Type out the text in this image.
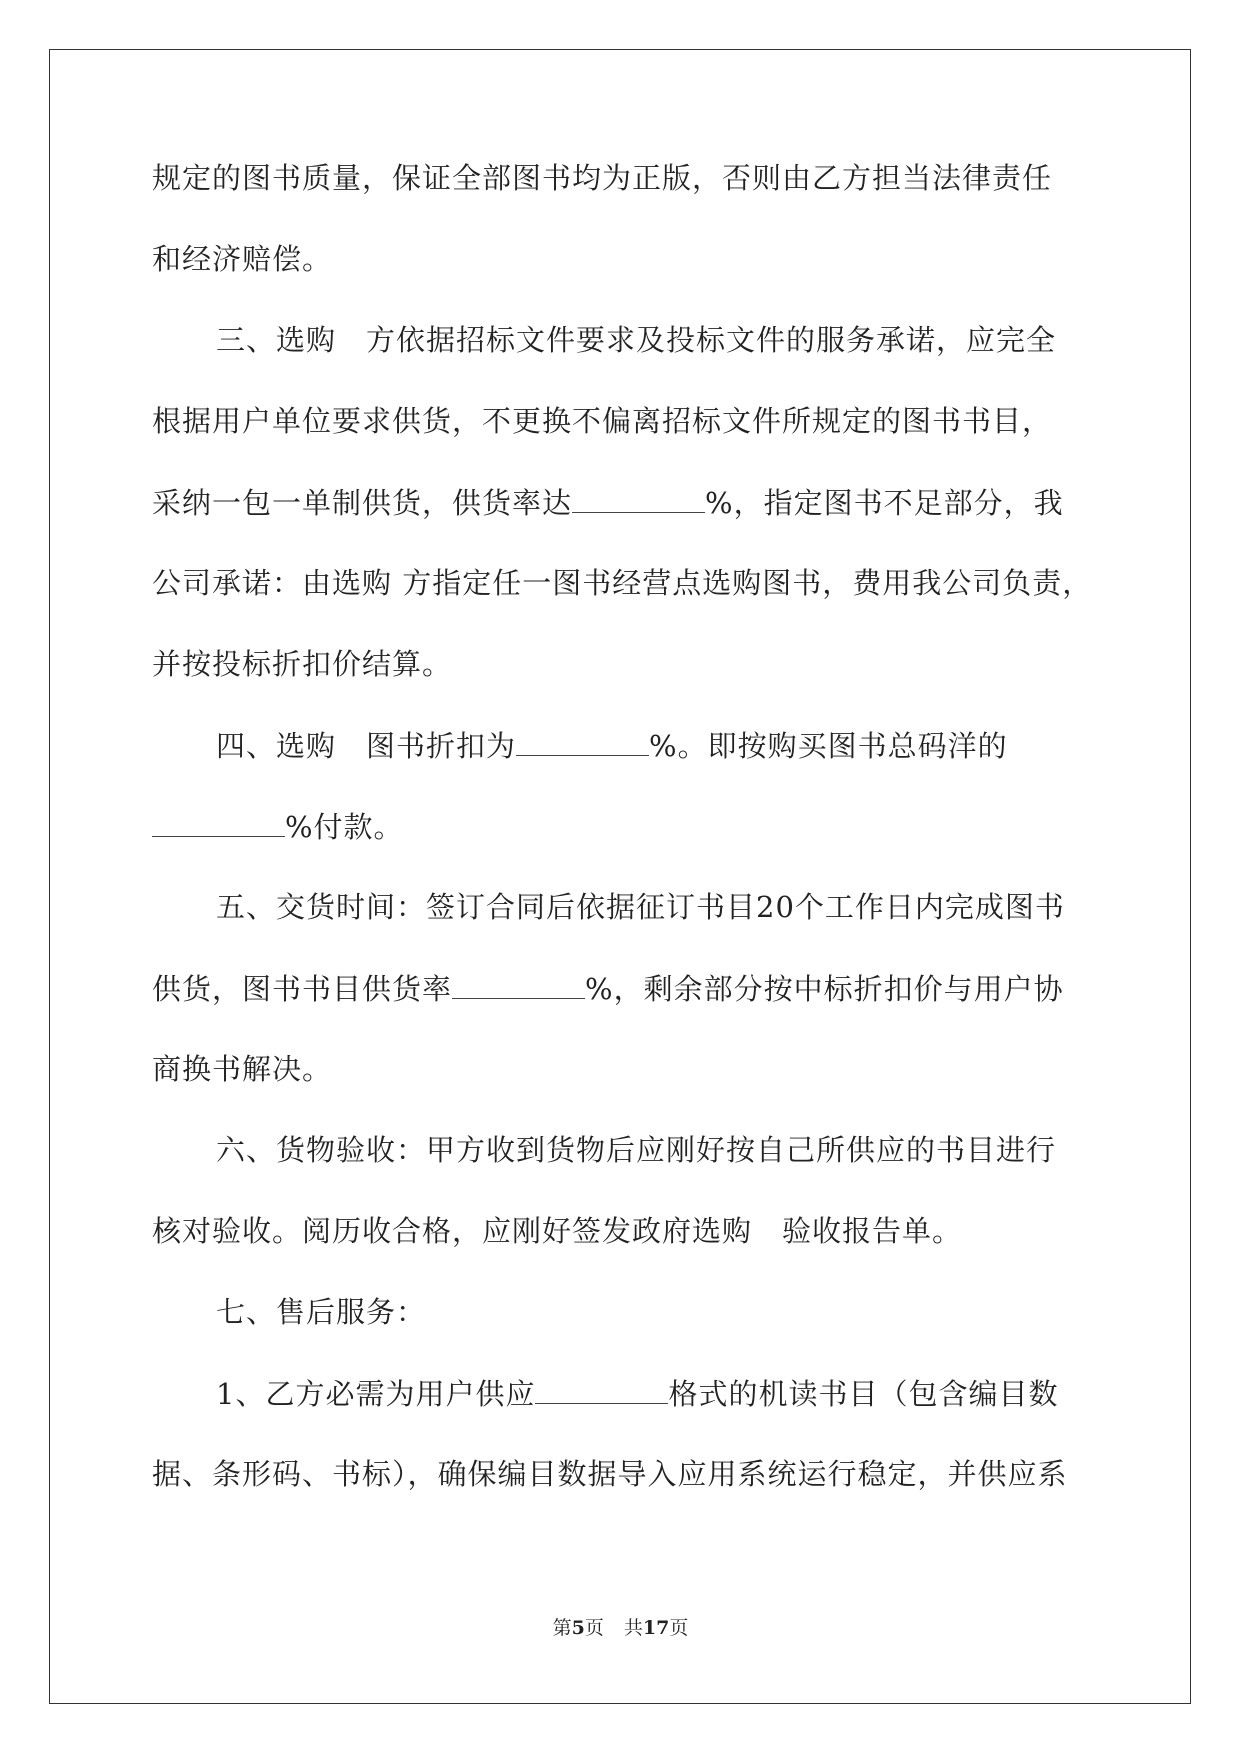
规定的图书质量，保证全部图书均为正版，否则由乙方担当法律责任
和经济赔偿。
三、选购　方依据招标文件要求及投标文件的服务承诺，应完全
根据用户单位要求供货，不更换不偏离招标文件所规定的图书书目，
采纳一包一单制供货，供货率达	%，指定图书不足部分，我
公司承诺：由选购 方指定任一图书经营点选购图书，费用我公司负责，
并按投标折扣价结算。
四、选购　图书折扣为	%。即按购买图书总码洋的
%付款。
五、交货时间：签订合同后依据征订书目20个工作日内完成图书
供货，图书书目供货率	%，剩余部分按中标折扣价与用户协
商换书解决。
六、货物验收：甲方收到货物后应刚好按自己所供应的书目进行
核对验收。阅历收合格，应刚好签发政府选购　验收报告单。
七、售后服务：
1、乙方必需为用户供应	格式的机读书目（包含编目数
据、条形码、书标），确保编目数据导入应用系统运行稳定，并供应系
第5页 共17页
